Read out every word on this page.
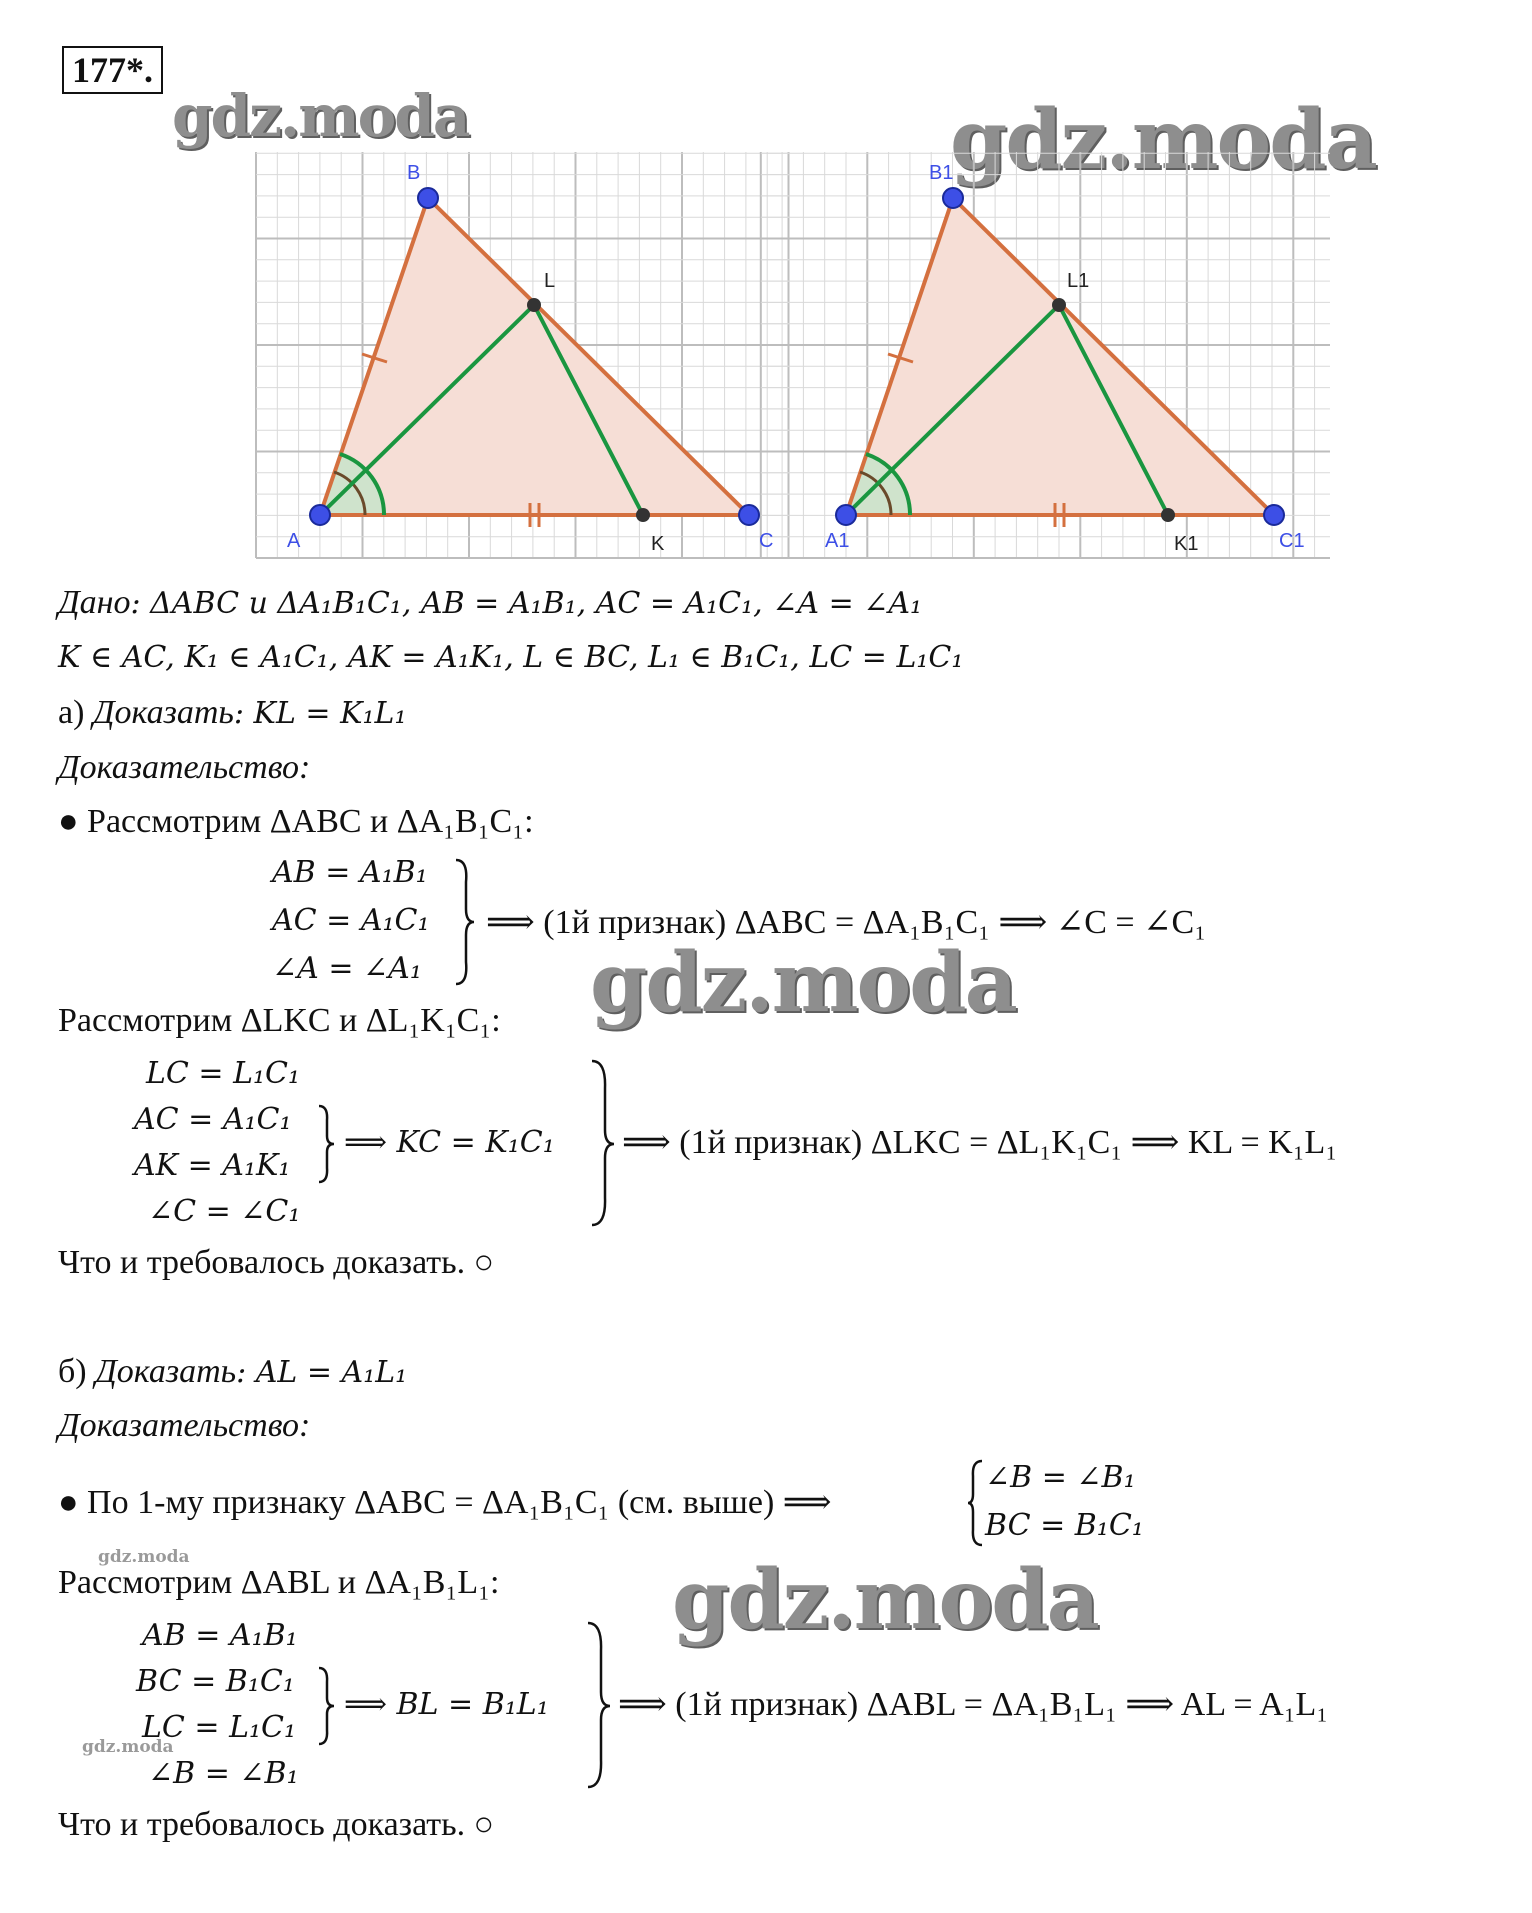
177*.
gdz.moda	gdz.moda
A
B
C
K
L
A1
B1
C1
K1
L1
Дано: ΔABC и ΔA₁B₁C₁, AB = A₁B₁, AC = A₁C₁, ∠A = ∠A₁
K ∈ AC, K₁ ∈ A₁C₁, AK = A₁K₁, L ∈ BC, L₁ ∈ B₁C₁, LC = L₁C₁
а) Доказать: KL = K₁L₁
Доказательство:
● Рассмотрим ΔABC и ΔA₁B₁C₁:
AB = A₁B₁
AC = A₁C₁
∠A = ∠A₁
⟹ (1й признак) ΔABC = ΔA₁B₁C₁ ⟹ ∠C = ∠C₁
gdz.moda
Рассмотрим ΔLKC и ΔL₁K₁C₁:
LC = L₁C₁
AC = A₁C₁
AK = A₁K₁
⟹ KC = K₁C₁
∠C = ∠C₁
⟹ (1й признак) ΔLKC = ΔL₁K₁C₁ ⟹ KL = K₁L₁
Что и требовалось доказать. ○
б) Доказать: AL = A₁L₁
Доказательство:
● По 1-му признаку ΔABC = ΔA₁B₁C₁ (см. выше) ⟹
∠B = ∠B₁
BC = B₁C₁
gdz.moda
Рассмотрим ΔABL и ΔA₁B₁L₁: gdz.moda
AB = A₁B₁
BC = B₁C₁
LC = L₁C₁
gdz.moda
⟹ BL = B₁L₁
∠B = ∠B₁
⟹ (1й признак) ΔABL = ΔA₁B₁L₁ ⟹ AL = A₁L₁
Что и требовалось доказать. ○
